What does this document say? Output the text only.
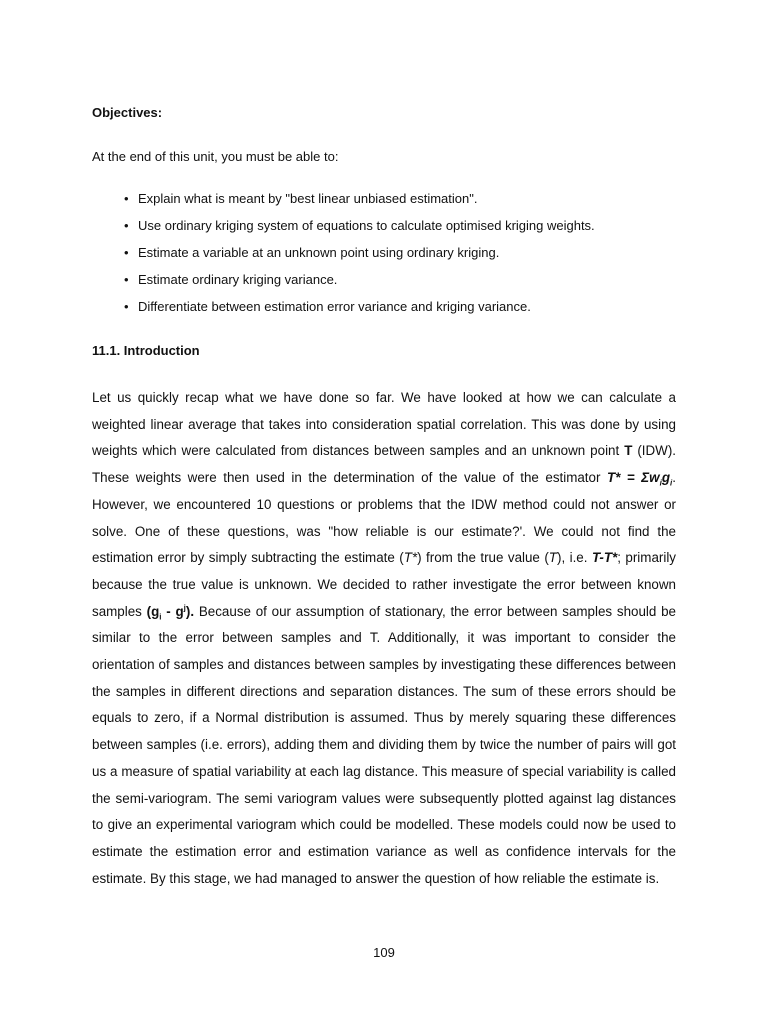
Objectives:

At the end of this unit, you must be able to:

• Explain what is meant by "best linear unbiased estimation".
• Use ordinary kriging system of equations to calculate optimised kriging weights.
• Estimate a variable at an unknown point using ordinary kriging.
• Estimate ordinary kriging variance.
• Differentiate between estimation error variance and kriging variance.

11.1. Introduction

Let us quickly recap what we have done so far. We have looked at how we can calculate a weighted linear average that takes into consideration spatial correlation. This was done by using weights which were calculated from distances between samples and an unknown point T (IDW). These weights were then used in the determination of the value of the estimator $T* = \Sigma w_ig_i$. However, we encountered 10 questions or problems that the IDW method could not answer or solve. One of these questions, was "how reliable is our estimate?'. We could not find the estimation error by simply subtracting the estimate (T*) from the true value (T), i.e. T-T*; primarily because the true value is unknown. We decided to rather investigate the error between known samples $(g_i - g^j)$. Because of our assumption of stationary, the error between samples should be similar to the error between samples and T. Additionally, it was important to consider the orientation of samples and distances between samples by investigating these differences between the samples in different directions and separation distances. The sum of these errors should be equals to zero, if a Normal distribution is assumed. Thus by merely squaring these differences between samples (i.e. errors), adding them and dividing them by twice the number of pairs will got us a measure of spatial variability at each lag distance. This measure of special variability is called the semi-variogram. The semi variogram values were subsequently plotted against lag distances to give an experimental variogram which could be modelled. These models could now be used to estimate the estimation error and estimation variance as well as confidence intervals for the estimate. By this stage, we had managed to answer the question of how reliable the estimate is.

109
